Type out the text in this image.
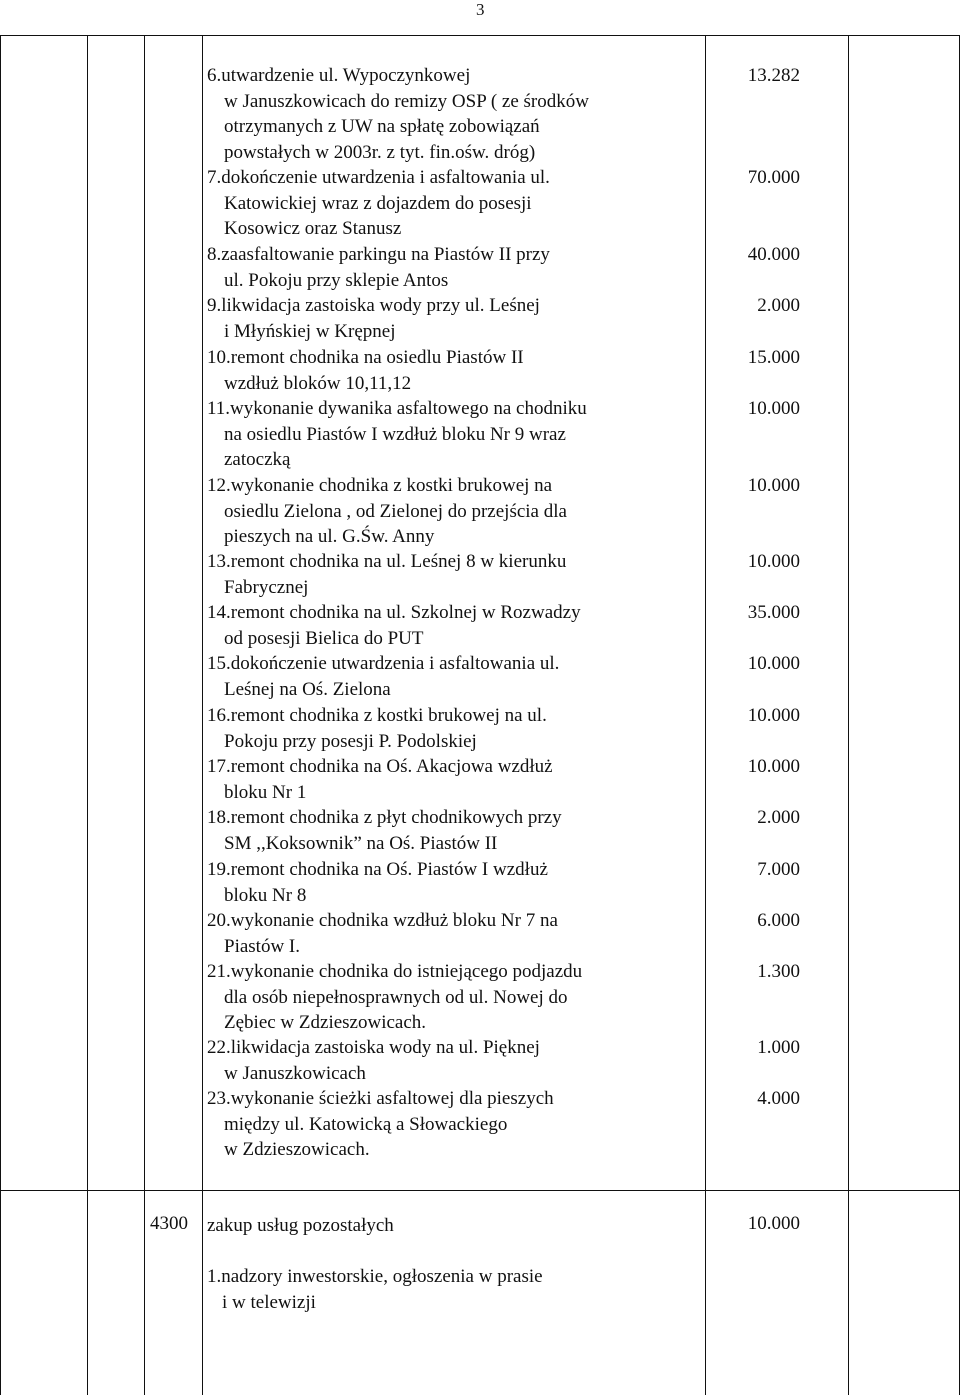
3
6.utwardzenie ul. Wypoczynkowej
w Januszkowicach do remizy OSP ( ze środków
otrzymanych z UW na spłatę zobowiązań
powstałych w 2003r. z tyt. fin.ośw. dróg)
13.282
7.dokończenie utwardzenia i asfaltowania ul.
Katowickiej wraz z dojazdem do posesji
Kosowicz oraz Stanusz
70.000
8.zaasfaltowanie parkingu na Piastów II przy
ul. Pokoju przy sklepie Antos
40.000
9.likwidacja zastoiska wody przy ul. Leśnej
i Młyńskiej w Krępnej
2.000
10.remont chodnika na osiedlu Piastów II
wzdłuż bloków 10,11,12
15.000
11.wykonanie dywanika asfaltowego na chodniku
na osiedlu Piastów I wzdłuż bloku Nr 9 wraz
zatoczką
10.000
12.wykonanie chodnika z kostki brukowej na
osiedlu Zielona , od Zielonej do przejścia dla
pieszych na ul. G.Św. Anny
10.000
13.remont chodnika na ul. Leśnej 8 w kierunku
Fabrycznej
10.000
14.remont chodnika na ul. Szkolnej w Rozwadzy
od posesji Bielica do PUT
35.000
15.dokończenie utwardzenia i asfaltowania ul.
Leśnej na Oś. Zielona
10.000
16.remont chodnika z kostki brukowej na ul.
Pokoju przy posesji P. Podolskiej
10.000
17.remont chodnika na Oś. Akacjowa wzdłuż
bloku Nr 1
10.000
18.remont chodnika z płyt chodnikowych przy
SM ,,Koksownik” na Oś. Piastów II
2.000
19.remont chodnika na Oś. Piastów I wzdłuż
bloku Nr 8
7.000
20.wykonanie chodnika wzdłuż bloku Nr 7 na
Piastów I.
6.000
21.wykonanie chodnika do istniejącego podjazdu
dla osób niepełnosprawnych od ul. Nowej do
Zębiec w Zdzieszowicach.
1.300
22.likwidacja zastoiska wody na ul. Pięknej
w Januszkowicach
1.000
23.wykonanie ścieżki asfaltowej dla pieszych
między ul. Katowicką a Słowackiego
w Zdzieszowicach.
4.000
4300 zakup usług pozostałych	10.000
1.nadzory inwestorskie, ogłoszenia w prasie
i w telewizji
